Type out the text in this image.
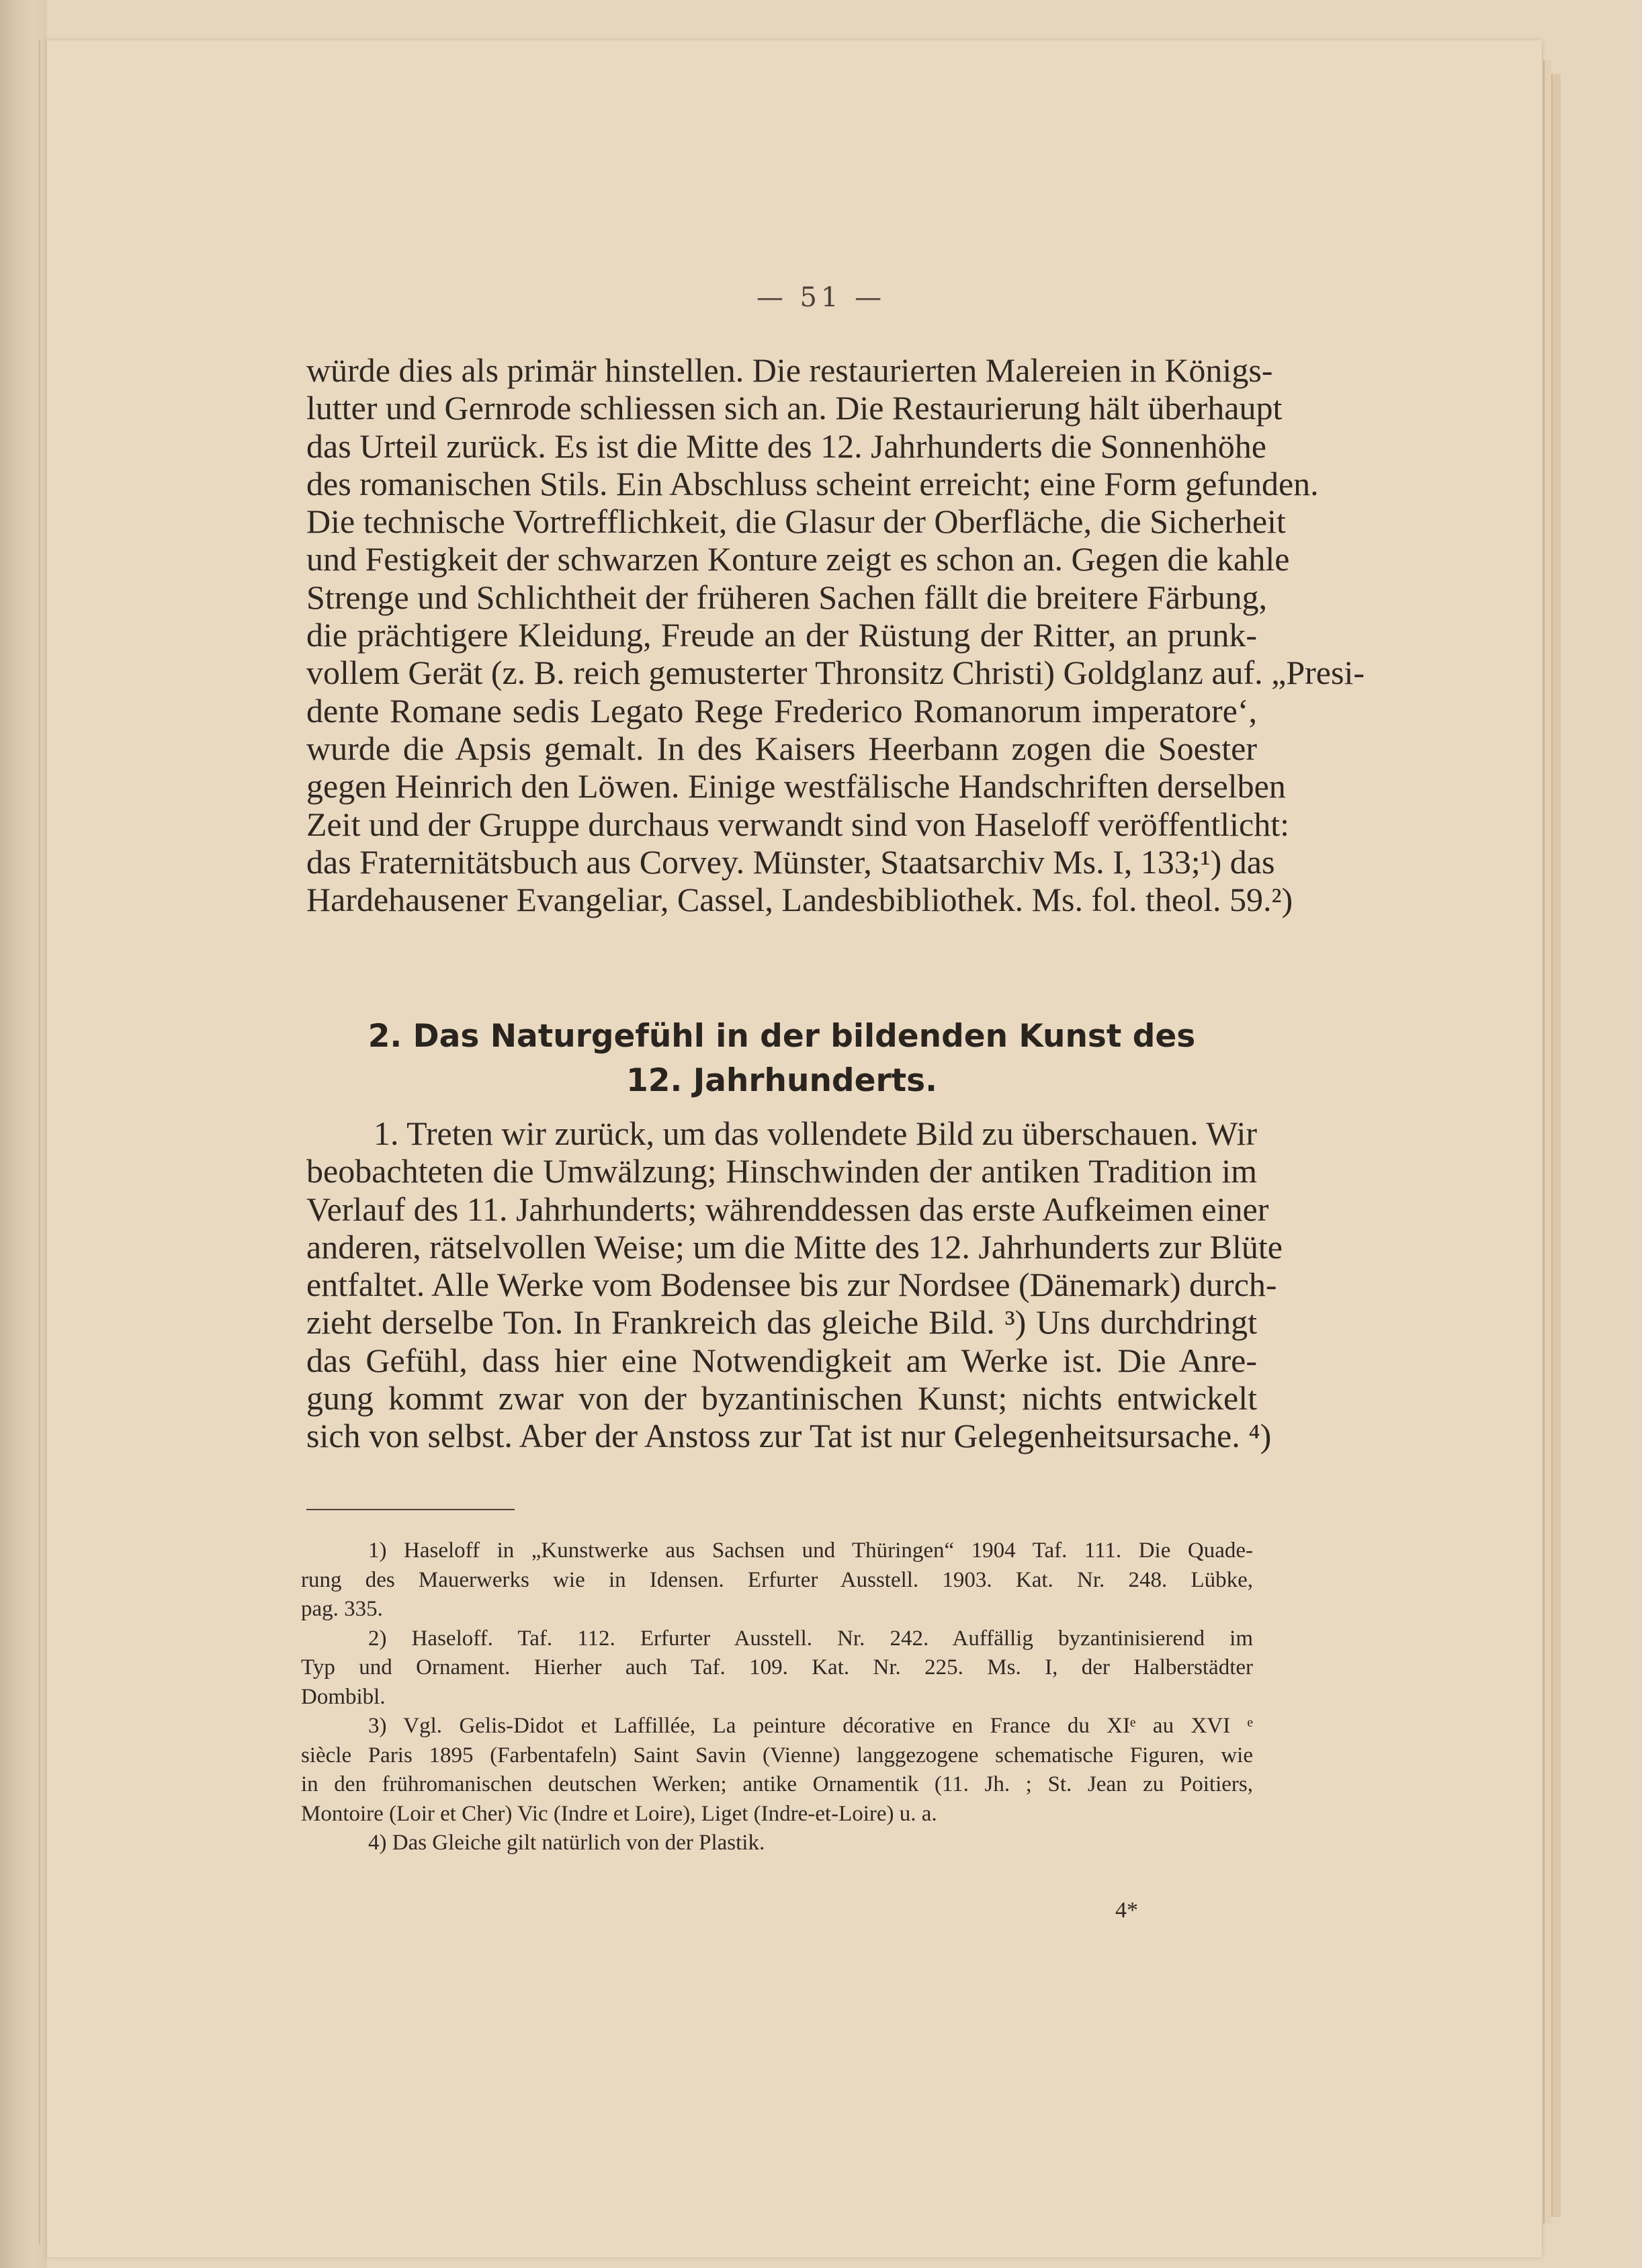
— 51 —
würde dies als primär hinstellen. Die restaurierten Malereien in Königs-
lutter und Gernrode schliessen sich an. Die Restaurierung hält überhaupt
das Urteil zurück. Es ist die Mitte des 12. Jahrhunderts die Sonnenhöhe
des romanischen Stils. Ein Abschluss scheint erreicht; eine Form gefunden.
Die technische Vortrefflichkeit, die Glasur der Oberfläche, die Sicherheit
und Festigkeit der schwarzen Konture zeigt es schon an. Gegen die kahle
Strenge und Schlichtheit der früheren Sachen fällt die breitere Färbung,
die prächtigere Kleidung, Freude an der Rüstung der Ritter, an prunk-
vollem Gerät (z. B. reich gemusterter Thronsitz Christi) Goldglanz auf. „Presi-
dente Romane sedis Legato Rege Frederico Romanorum imperatore‘,
wurde die Apsis gemalt. In des Kaisers Heerbann zogen die Soester
gegen Heinrich den Löwen. Einige westfälische Handschriften derselben
Zeit und der Gruppe durchaus verwandt sind von Haseloff veröffentlicht:
das Fraternitätsbuch aus Corvey. Münster, Staatsarchiv Ms. I, 133;¹) das
Hardehausener Evangeliar, Cassel, Landesbibliothek. Ms. fol. theol. 59.²)
2. Das Naturgefühl in der bildenden Kunst des
12. Jahrhunderts.
1. Treten wir zurück, um das vollendete Bild zu überschauen. Wir
beobachteten die Umwälzung; Hinschwinden der antiken Tradition im
Verlauf des 11. Jahrhunderts; währenddessen das erste Aufkeimen einer
anderen, rätselvollen Weise; um die Mitte des 12. Jahrhunderts zur Blüte
entfaltet. Alle Werke vom Bodensee bis zur Nordsee (Dänemark) durch-
zieht derselbe Ton. In Frankreich das gleiche Bild. ³) Uns durchdringt
das Gefühl, dass hier eine Notwendigkeit am Werke ist. Die Anre-
gung kommt zwar von der byzantinischen Kunst; nichts entwickelt
sich von selbst. Aber der Anstoss zur Tat ist nur Gelegenheitsursache. ⁴)
1) Haseloff in „Kunstwerke aus Sachsen und Thüringen“ 1904 Taf. 111. Die Quade-
rung des Mauerwerks wie in Idensen. Erfurter Ausstell. 1903. Kat. Nr. 248. Lübke,
pag. 335.
2) Haseloff. Taf. 112. Erfurter Ausstell. Nr. 242. Auffällig byzantinisierend im
Typ und Ornament. Hierher auch Taf. 109. Kat. Nr. 225. Ms. I, der Halberstädter
Dombibl.
3) Vgl. Gelis-Didot et Laffillée, La peinture décorative en France du XIᵉ au XVI ᵉ
siècle Paris 1895 (Farbentafeln) Saint Savin (Vienne) langgezogene schematische Figuren, wie
in den frühromanischen deutschen Werken; antike Ornamentik (11. Jh. ; St. Jean zu Poitiers,
Montoire (Loir et Cher) Vic (Indre et Loire), Liget (Indre-et-Loire) u. a.
4) Das Gleiche gilt natürlich von der Plastik.
4*
